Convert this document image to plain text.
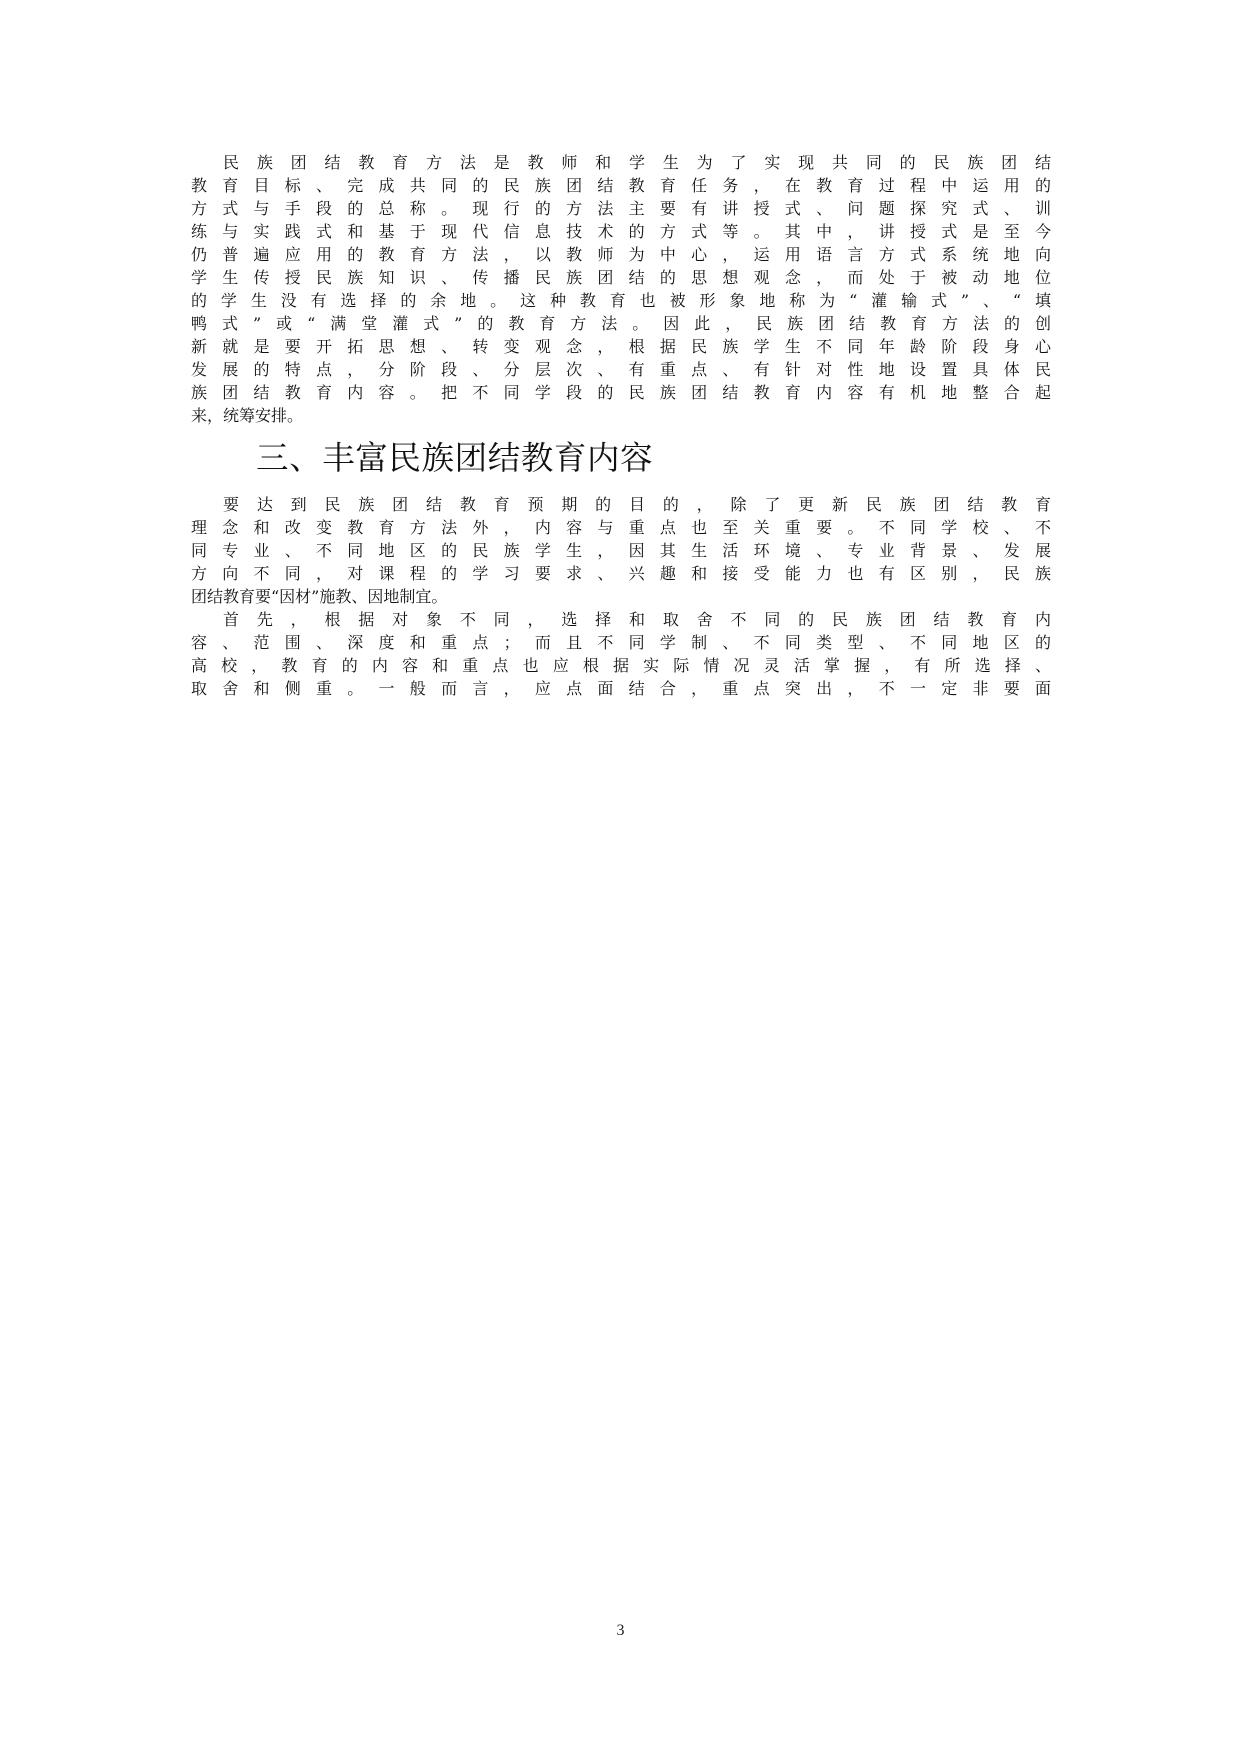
民族团结教育方法是教师和学生为了实现共同的民族团结
教育目标、完成共同的民族团结教育任务，在教育过程中运用的
方式与手段的总称。现行的方法主要有讲授式、问题探究式、训
练与实践式和基于现代信息技术的方式等。其中，讲授式是至今
仍普遍应用的教育方法，以教师为中心，运用语言方式系统地向
学生传授民族知识、传播民族团结的思想观念，而处于被动地位
的学生没有选择的余地。这种教育也被形象地称为“灌输式”、“填
鸭式”或“满堂灌式”的教育方法。因此，民族团结教育方法的创
新就是要开拓思想、转变观念，根据民族学生不同年龄阶段身心
发展的特点，分阶段、分层次、有重点、有针对性地设置具体民
族团结教育内容。把不同学段的民族团结教育内容有机地整合起
来，统筹安排。
三、丰富民族团结教育内容
要达到民族团结教育预期的目的，除了更新民族团结教育
理念和改变教育方法外，内容与重点也至关重要。不同学校、不
同专业、不同地区的民族学生，因其生活环境、专业背景、发展
方向不同，对课程的学习要求、兴趣和接受能力也有区别，民族
团结教育要“因材”施教、因地制宜。
首先，根据对象不同，选择和取舍不同的民族团结教育内
容、范围、深度和重点；而且不同学制、不同类型、不同地区的
高校，教育的内容和重点也应根据实际情况灵活掌握，有所选择、
取舍和侧重。一般而言，应点面结合，重点突出，不一定非要面
3
